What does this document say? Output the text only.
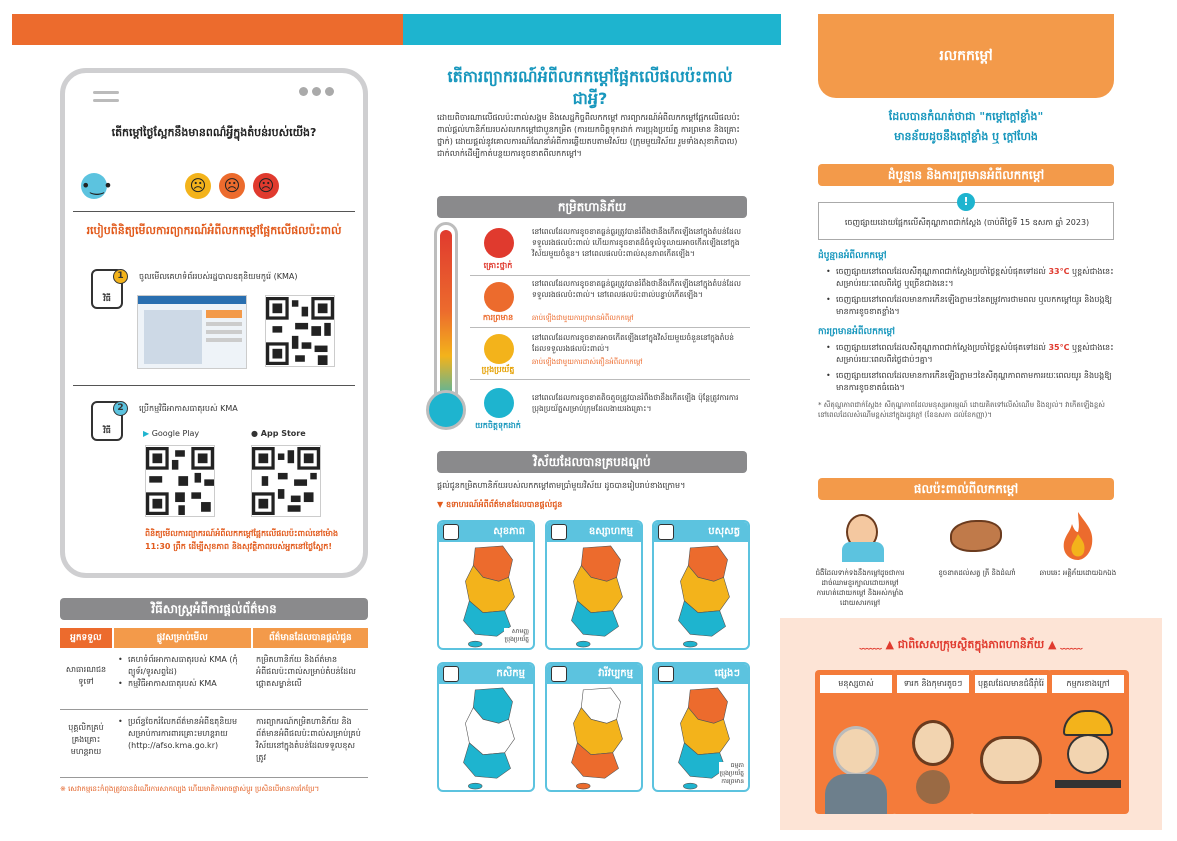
តើកម្ដៅថ្ងៃស្អែកនឹងមានពណ៌អ្វីក្នុងតំបន់របស់យើង?
•‿•	☹ ☹ ☹
របៀបពិនិត្យមើលការព្យាករណ៍អំពីលកកម្ដៅផ្អែកលើផលប៉ះពាល់
វិធី
1	ចូលមើលគេហទំព័ររបស់រដ្ឋបាលឧតុនិយមកូរ៉េ (KMA)
វិធី
2	ប្រើកម្មវិធីអាកាសធាតុរបស់ KMA
▶ Google Play	● App Store
ពិនិត្យមើលការព្យាករណ៍អំពីលកកម្ដៅផ្អែកលើផលប៉ះពាល់នៅម៉ោង 11:30 ព្រឹក ដើម្បីសុខភាព និងសុវត្ថិភាពរបស់អ្នកនៅថ្ងៃស្អែក!
វិធីសាស្ត្រអំពីការផ្ដល់ព័ត៌មាន
អ្នកទទួល	ផ្លូវសម្រាប់មើល	ព័ត៌មានដែលបានផ្ដល់ជូន
សាធារណជនទូទៅ
• គេហទំព័រអាកាសធាតុរបស់ KMA (កុំព្យូទ័រ/ទូរសព្ទដៃ)
• កម្មវិធីអាកាសធាតុរបស់ KMA
កម្រិតហានិភ័យ និងព័ត៌មានអំពីផលប៉ះពាល់សម្រាប់តំបន់ដែលផ្ដោតសម្ខាន់លើ
បុគ្គលិកគ្រប់គ្រងគ្រោះមហន្តរាយ
• ប្រព័ន្ធចែករំលែកព័ត៌មានអំពីឧតុនិយមសម្រាប់ការការពារគ្រោះមហន្តរាយ (http://afso.kma.go.kr)
ការព្យាករណ៍កម្រិតហានិភ័យ និងព័ត៌មានអំពីផលប៉ះពាល់សម្រាប់គ្រប់វិស័យនៅក្នុងតំបន់ដែលទទួលខុសត្រូវ
※ សេវាកម្មនេះកំពុងត្រូវបានដំណើរការសាកល្បង ហើយមាតិកាអាចផ្លាស់ប្ដូរ ប្រសិនបើមានការកែប្រែ។
តើការព្យាករណ៍អំពីលកកម្ដៅផ្អែកលើផលប៉ះពាល់ជាអ្វី?
ដោយពិចារណាលើផលប៉ះពាល់សង្គម និងសេដ្ឋកិច្ចពីលកកម្ដៅ ការព្យាករណ៍អំពីលកកម្ដៅផ្អែកលើផលប៉ះពាល់ផ្ដល់ហានិភ័យរបស់លកកម្ដៅជាបួនកម្រិត (ការយកចិត្តទុកដាក់ ការប្រុងប្រយ័ត្ន ការព្រមាន និងគ្រោះថ្នាក់) ដោយផ្ដល់នូវគោលការណ៍ណែនាំអំពីការឆ្លើយតបតាមវិស័យ (ក្រុមមួយវិស័យ រួមទាំងសុខាភិបាល) ជាក់លាក់ដើម្បីកាត់បន្ថយការខូចខាតពីលកកម្ដៅ។
កម្រិតហានិភ័យ
គ្រោះថ្នាក់
នៅពេលដែលការខូចខាតធ្ងន់ធ្ងរត្រូវបានរំពឹងថានឹងកើតឡើងនៅក្នុងតំបន់ដែលទទួលរងផលប៉ះពាល់ ហើយការខូចខាតដ៏ធំទូលំទូលាយអាចកើតឡើងនៅក្នុងវិស័យមួយចំនួន។ នៅពេលផលប៉ះពាល់សុខភាពកើតឡើង។
ការព្រមាន
នៅពេលដែលការខូចខាតធ្ងន់ធ្ងរត្រូវបានរំពឹងថានឹងកើតឡើងនៅក្នុងតំបន់ដែលទទួលរងផលប៉ះពាល់។ នៅពេលផលប៉ះពាល់បន្ទាប់កើតឡើង។
ឆាប់ឡើងជាមួយការព្រមានអំពីលកកម្ដៅ
ប្រុងប្រយ័ត្ន
នៅពេលដែលការខូចខាតអាចកើតឡើងនៅក្នុងវិស័យមួយចំនួននៅក្នុងតំបន់ដែលទទួលរងផលប៉ះពាល់។
ឆាប់ឡើងជាមួយការដាស់តឿនអំពីលកកម្ដៅ
យកចិត្តទុកដាក់
នៅពេលដែលការខូចខាតតិចតួចត្រូវបានរំពឹងថានឹងកើតឡើង ប៉ុន្តែត្រូវការការប្រុងប្រយ័ត្នសម្រាប់ក្រុមដែលងាយរងគ្រោះ។
វិស័យដែលបានគ្របដណ្ដប់
ផ្ដល់ជូនកម្រិតហានិភ័យរបស់លកកម្ដៅតាមប្រាំមួយវិស័យ ដូចបានរៀបរាប់ខាងក្រោម។
▼ ឧទាហរណ៍អំពីព័ត៌មានដែលបានផ្ដល់ជូន
សុខភាព
សាមញ្ញ
ប្រុងប្រយ័ត្ន
ឧស្សាហកម្ម	បសុសត្វ
កសិកម្ម	វារីវប្បកម្ម	ផ្សេងៗ
ធម្មតា
ប្រុងប្រយ័ត្ន
ការព្រមាន
រលកកម្ដៅ
ដែលបានកំណត់ថាជា "កម្ដៅក្ដៅខ្លាំង"
មានន័យដូចនឹងក្ដៅខ្លាំង ឬ ក្ដៅហែង
ដំបូន្មាន និងការព្រមានអំពីលកកម្ដៅ
!
ចេញផ្សាយដោយផ្អែកលើសីតុណ្ហភាពជាក់ស្ដែង (ចាប់ពីថ្ងៃទី 15 ឧសភា ឆ្នាំ 2023)
ដំបូន្មានអំពីលកកម្ដៅ
• ចេញផ្សាយនៅពេលដែលសីតុណ្ហភាពជាក់ស្ដែងប្រចាំថ្ងៃខ្ពស់បំផុតទៅដល់ 33°C ឬខ្ពស់ជាងនេះសម្រាប់រយៈពេលពីរថ្ងៃ ឬច្រើនជាងនេះ។
• ចេញផ្សាយនៅពេលដែលមានការកើនឡើងភ្លាមៗនៃតម្រូវការថាមពល ឬលកកម្ដៅយូរ និងបង្កឱ្យមានការខូចខាតខ្លាំង។
ការព្រមានអំពីលកកម្ដៅ
• ចេញផ្សាយនៅពេលដែលសីតុណ្ហភាពជាក់ស្ដែងប្រចាំថ្ងៃខ្ពស់បំផុតទៅដល់ 35°C ឬខ្ពស់ជាងនេះសម្រាប់រយៈពេលពីរថ្ងៃជាប់ៗគ្នា។
• ចេញផ្សាយនៅពេលដែលមានការកើនឡើងភ្លាមៗនៃសីតុណ្ហភាពតាមការរយៈពេលយូរ និងបង្កឱ្យមានការខូចខាតធំធេង។
* សីតុណ្ហភាពជាក់ស្ដែង៖ សីតុណ្ហភាពដែលមនុស្សអារម្មណ៍ ដោយគិតទៅលើសំណើម និងខ្យល់។ វាកើតឡើងខ្ពស់នៅពេលដែលសំណើមខ្ពស់នៅក្នុងរដូវក្ដៅ (ខែឧសភា ដល់ខែកញ្ញា)។
ផលប៉ះពាល់ពីលកកម្ដៅ
ជំងឺដែលទាក់ទងនឹងកម្ដៅដូចជាការដាច់ឈាមខួរក្បាលដោយកម្ដៅ ការហត់ដោយកម្ដៅ និងអស់កម្លាំងដោយសារកម្ដៅ
ខូចខាតដល់សត្វ ត្រី និងដំណាំ	ឆាបឆេះ អគ្គិភ័យដោយឯកឯង
﹏﹏ ▲ ជាពិសេសក្រុមស្ថិតក្នុងភាពហានិភ័យ ▲ ﹏﹏
មនុស្សចាស់	ទារក និងកុមារតូចៗ	បុគ្គលដែលមានជំងឺរ៉ាំរ៉ៃ	កម្មករខាងក្រៅ
